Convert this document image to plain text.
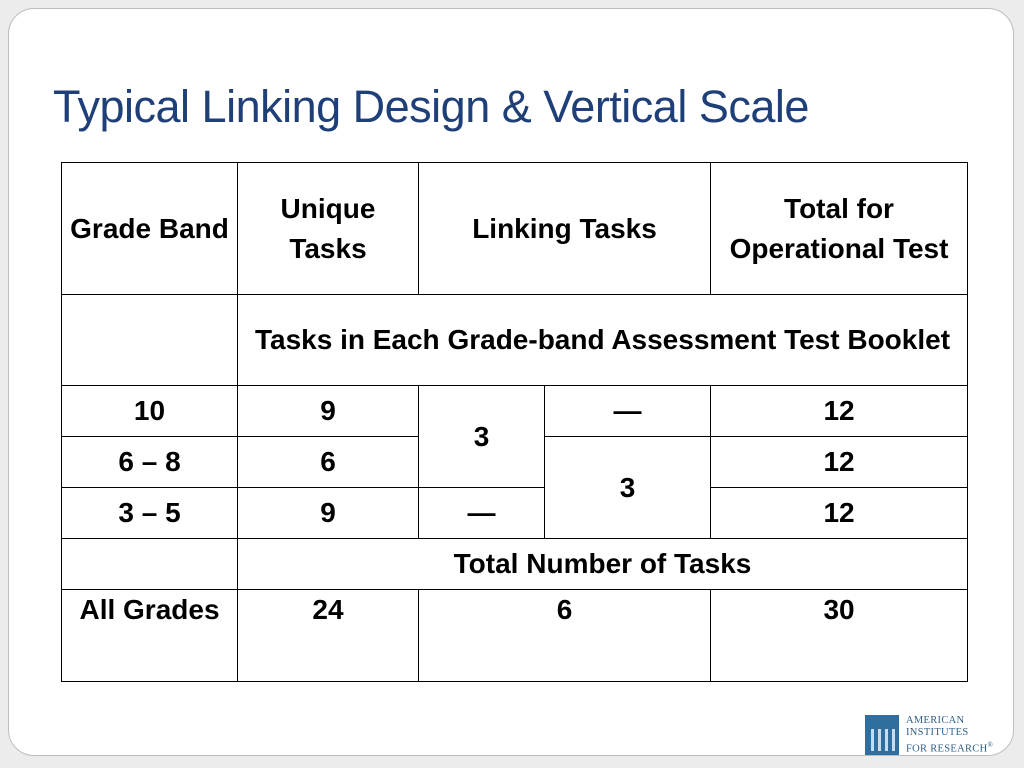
Typical Linking Design & Vertical Scale
Grade Band	Unique Tasks	Linking Tasks		Total for Operational Test
	Tasks in Each Grade-band Assessment Test Booklet			
10	9	3	—	12
6 – 8	6		3	12
3 – 5	9	—		12
	Total Number of Tasks			
All Grades	24	6		30
AMERICAN
INSTITUTES
FOR RESEARCH®
